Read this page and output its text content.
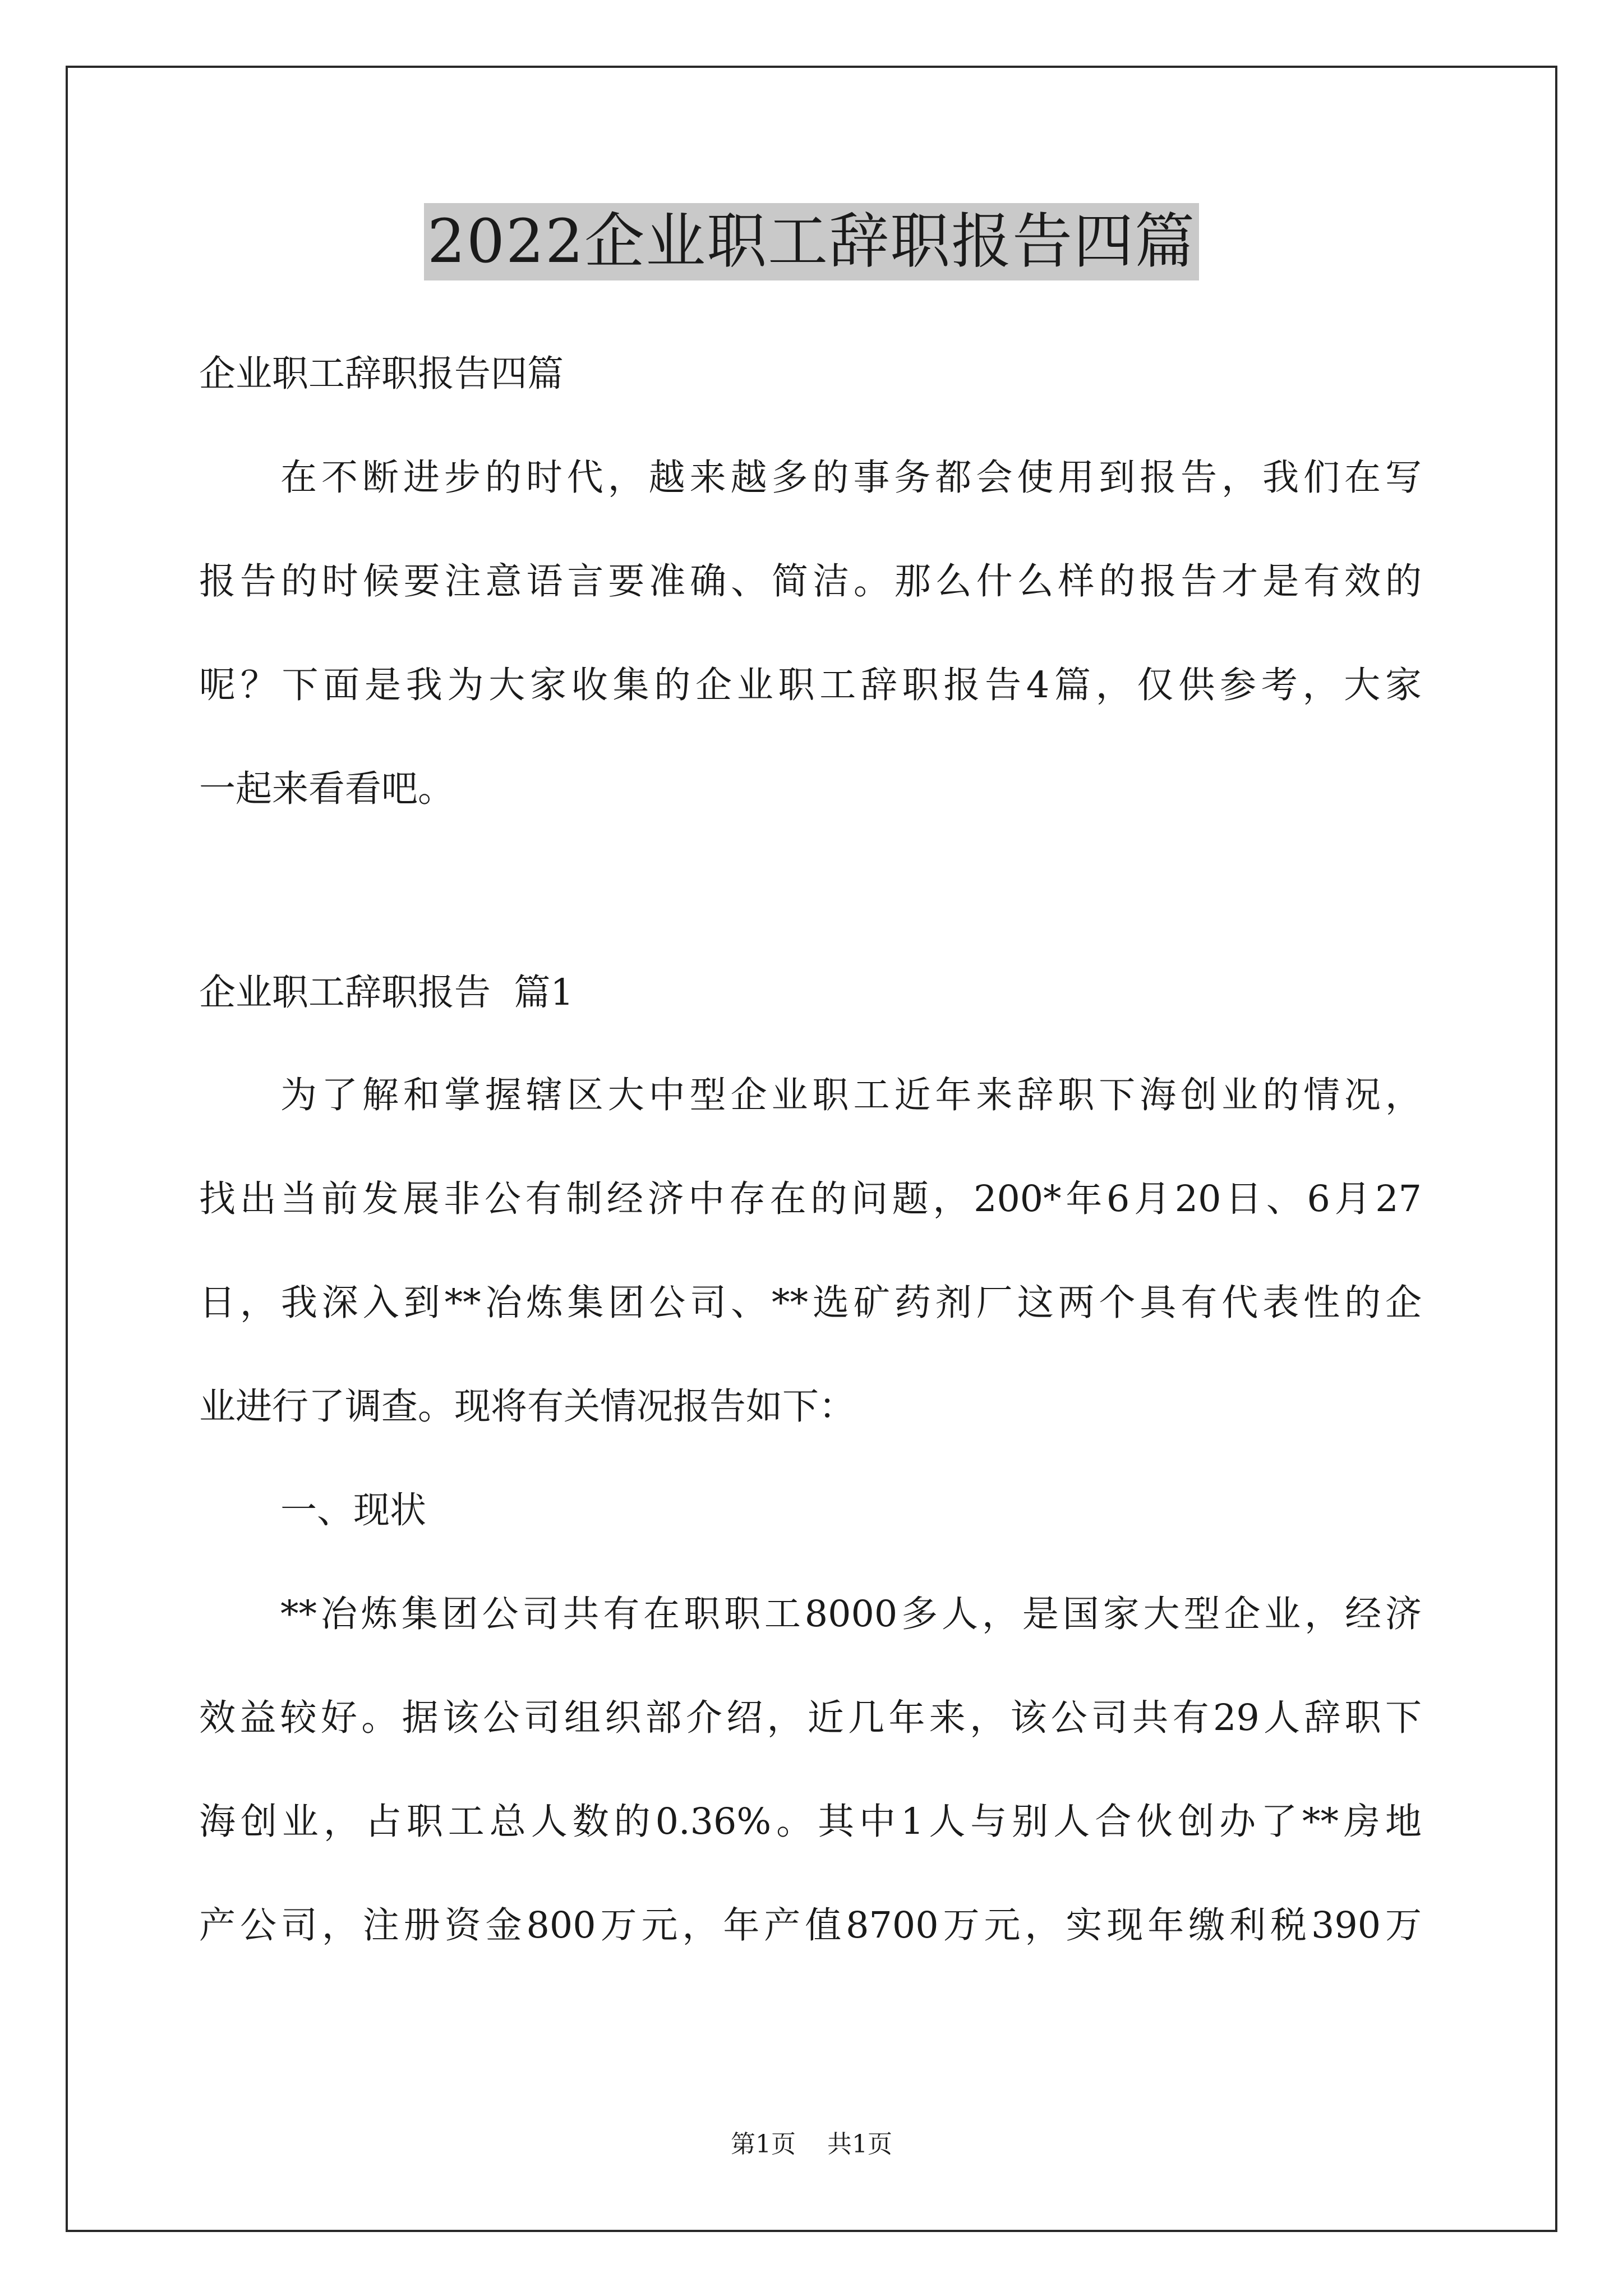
2022企业职工辞职报告四篇
企业职工辞职报告四篇
在不断进步的时代，越来越多的事务都会使用到报告，我们在写
报告的时候要注意语言要准确、简洁。那么什么样的报告才是有效的
呢？下面是我为大家收集的企业职工辞职报告4篇，仅供参考，大家
一起来看看吧。
企业职工辞职报告  篇1
为了解和掌握辖区大中型企业职工近年来辞职下海创业的情况，
找出当前发展非公有制经济中存在的问题，200*年6月20日、6月27
日，我深入到**冶炼集团公司、**选矿药剂厂这两个具有代表性的企
业进行了调查。现将有关情况报告如下：
一、现状
**冶炼集团公司共有在职职工8000多人，是国家大型企业，经济
效益较好。据该公司组织部介绍，近几年来，该公司共有29人辞职下
海创业，占职工总人数的0.36%。其中1人与别人合伙创办了**房地
产公司，注册资金800万元，年产值8700万元，实现年缴利税390万
第1页 共1页
